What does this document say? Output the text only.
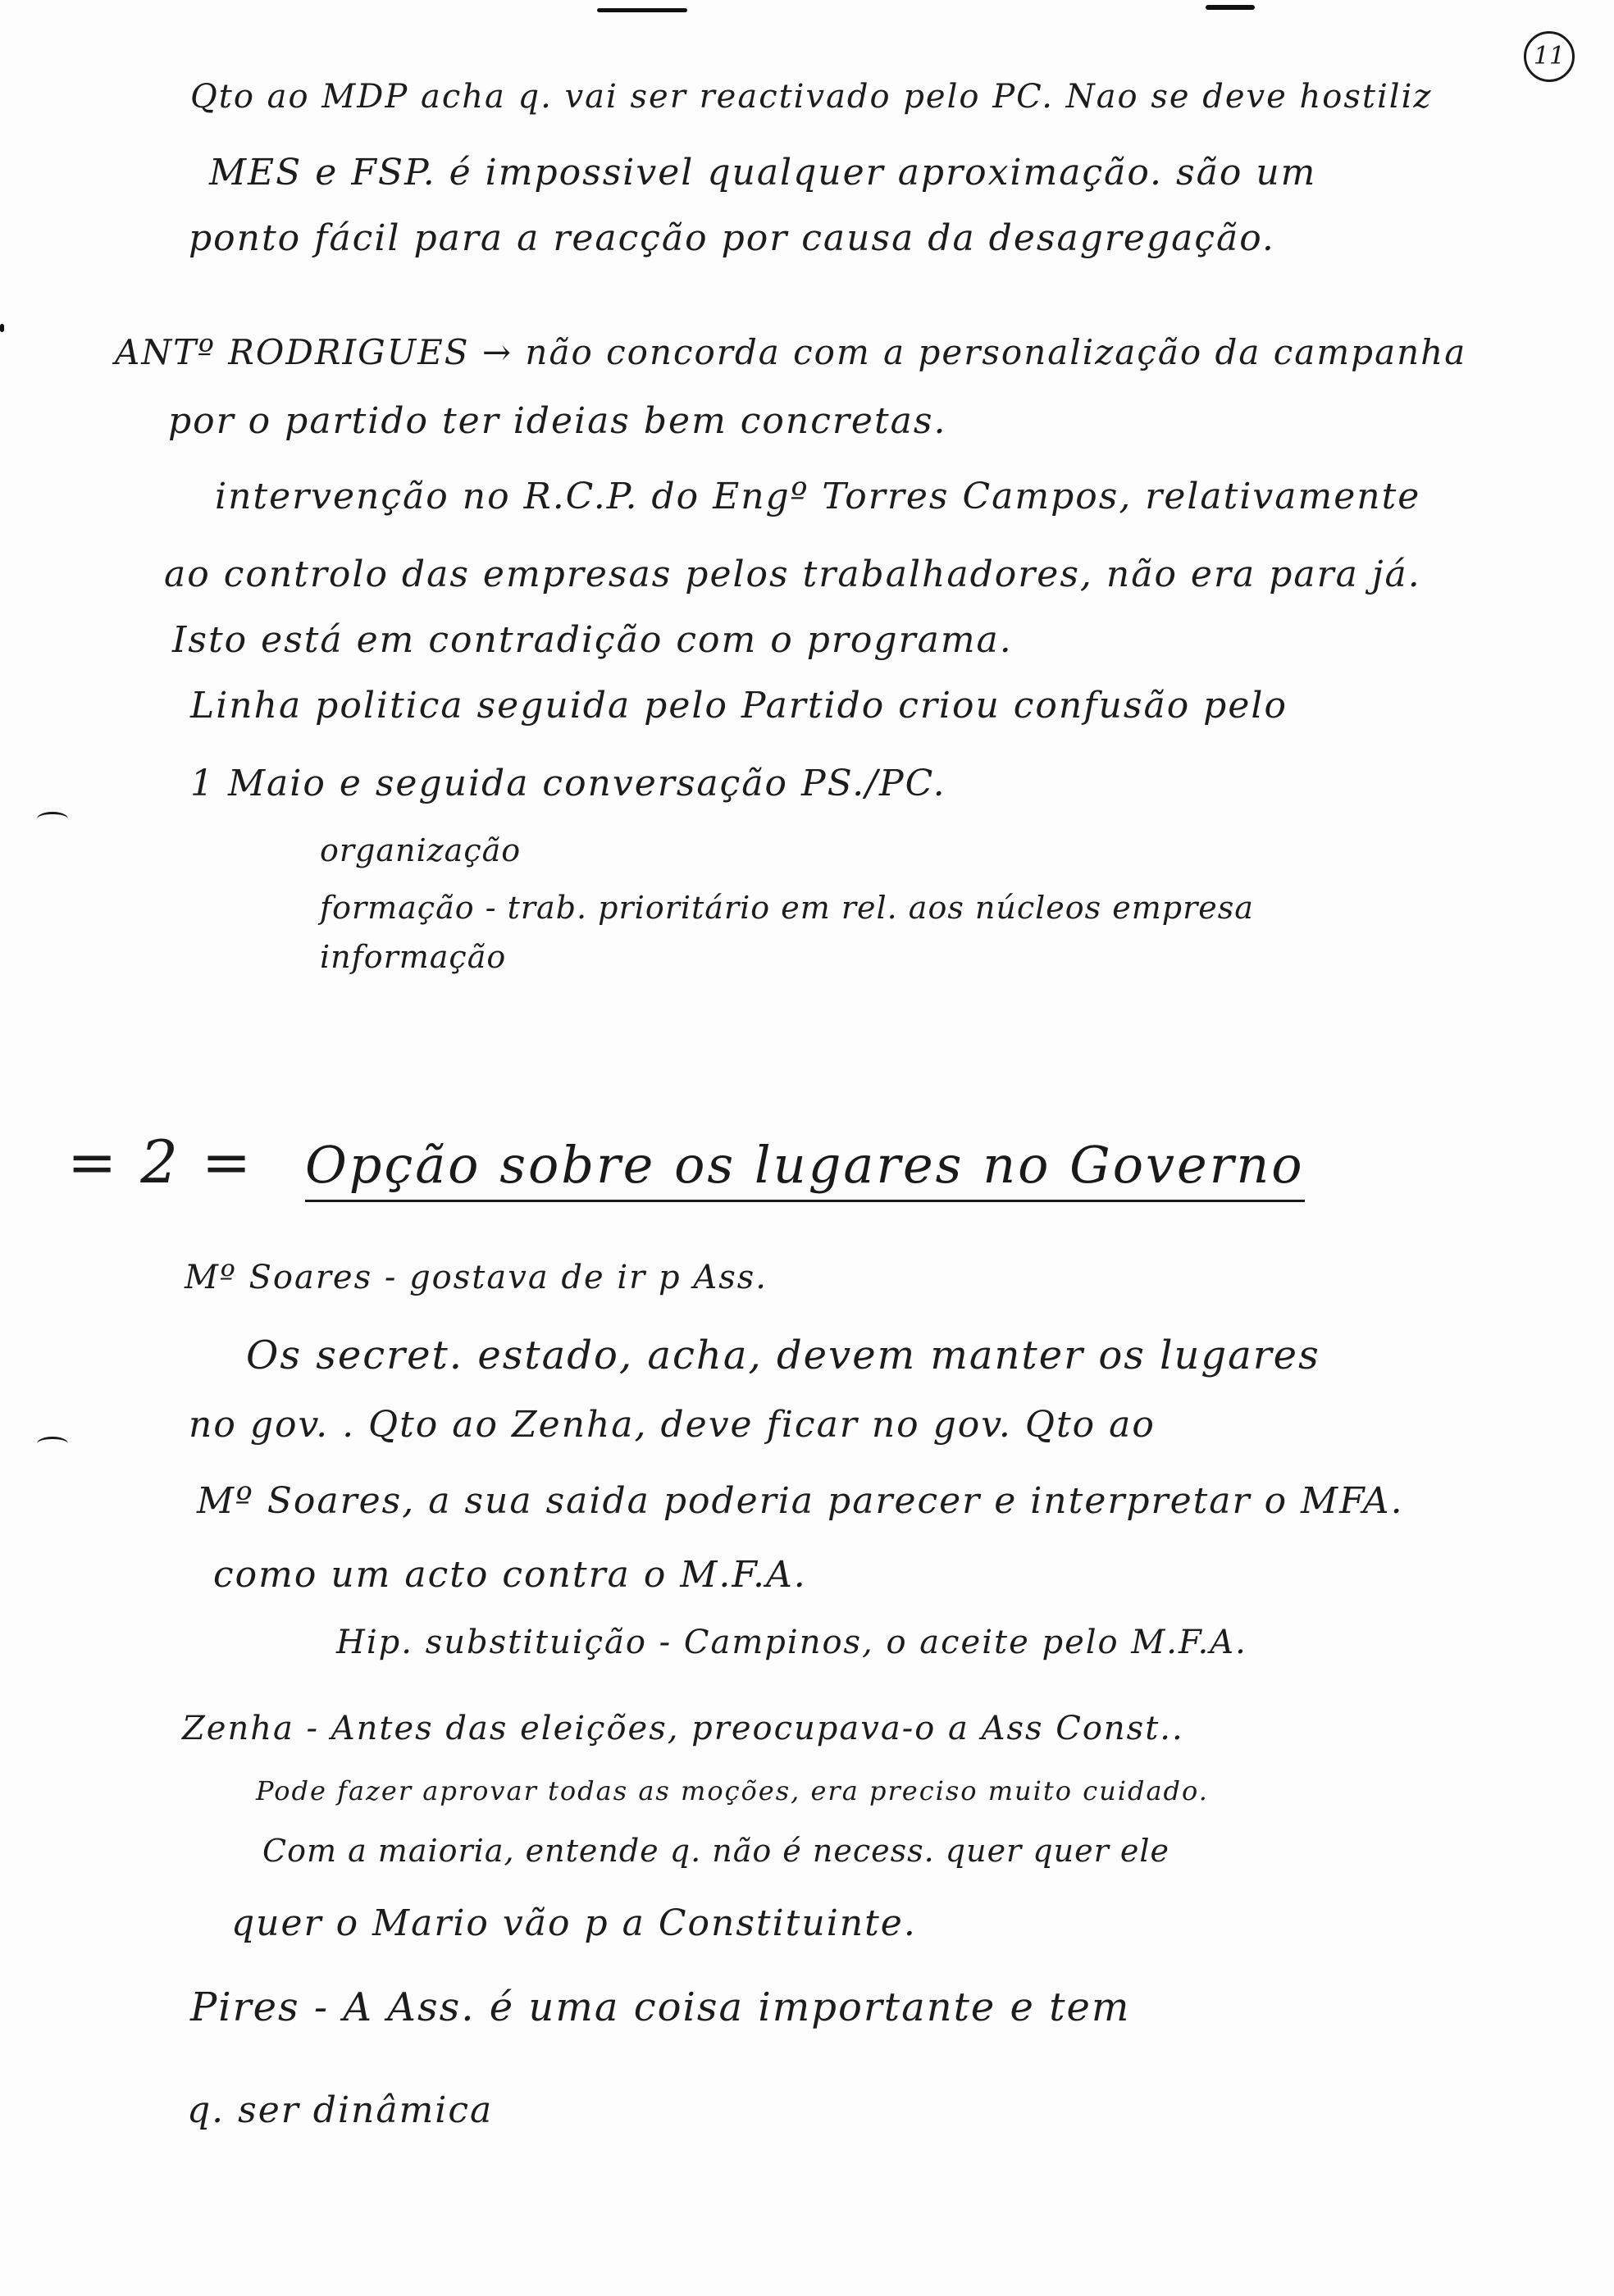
11
Qto ao MDP acha q. vai ser reactivado pelo PC. Nao se deve hostiliz
MES e FSP. é impossivel qualquer aproximação. são um
ponto fácil para a reacção por causa da desagregação.
ANTº RODRIGUES → não concorda com a personalização da campanha
por o partido ter ideias bem concretas.
intervenção no R.C.P. do Engº Torres Campos, relativamente
ao controlo das empresas pelos trabalhadores, não era para já.
Isto está em contradição com o programa.
Linha politica seguida pelo Partido criou confusão pelo
1 Maio e seguida conversação PS./PC.
organização
formação - trab. prioritário em rel. aos núcleos empresa
informação
= 2 = Opção sobre os lugares no Governo
Mº Soares - gostava de ir p Ass.
Os secret. estado, acha, devem manter os lugares
no gov. . Qto ao Zenha, deve ficar no gov. Qto ao
Mº Soares, a sua saida poderia parecer e interpretar o MFA.
como um acto contra o M.F.A.
Hip. substituição - Campinos, o aceite pelo M.F.A.
Zenha - Antes das eleições, preocupava-o a Ass Const..
Pode fazer aprovar todas as moções, era preciso muito cuidado.
Com a maioria, entende q. não é necess. quer quer ele
quer o Mario vão p a Constituinte.
Pires - A Ass. é uma coisa importante e tem
q. ser dinâmica
